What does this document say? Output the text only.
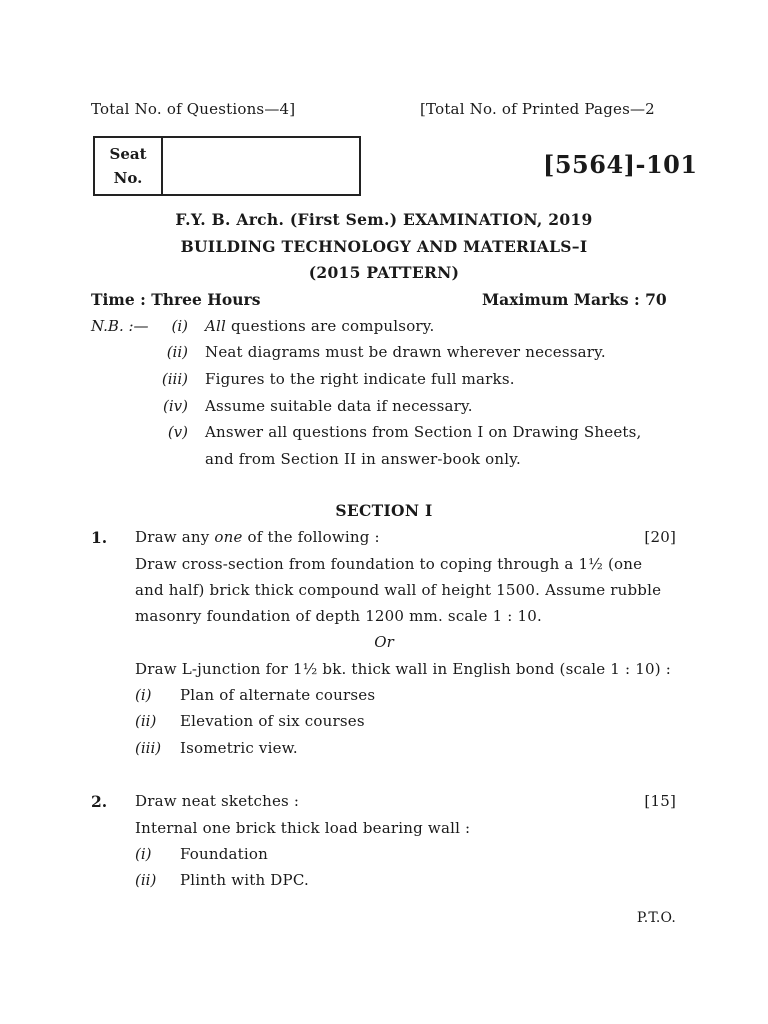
Total No. of Questions—4]	[Total No. of Printed Pages—2
Seat
No.	[5564]-101
F.Y. B. Arch. (First Sem.) EXAMINATION, 2019
BUILDING TECHNOLOGY AND MATERIALS–I
(2015 PATTERN)
Time : Three Hours	Maximum Marks : 70
N.B. :—	(i) All questions are compulsory.
(ii) Neat diagrams must be drawn wherever necessary.
(iii) Figures to the right indicate full marks.
(iv) Assume suitable data if necessary.
(v) Answer all questions from Section I on Drawing Sheets,
and from Section II in answer-book only.
SECTION I
1. Draw any one of the following :	[20]
Draw cross-section from foundation to coping through a 1½ (one
and half) brick thick compound wall of height 1500. Assume rubble
masonry foundation of depth 1200 mm. scale 1 : 10.
Or
Draw L-junction for 1½ bk. thick wall in English bond (scale 1 : 10) :
(i) Plan of alternate courses
(ii) Elevation of six courses
(iii) Isometric view.
2. Draw neat sketches :	[15]
Internal one brick thick load bearing wall :
(i) Foundation
(ii) Plinth with DPC.
P.T.O.
